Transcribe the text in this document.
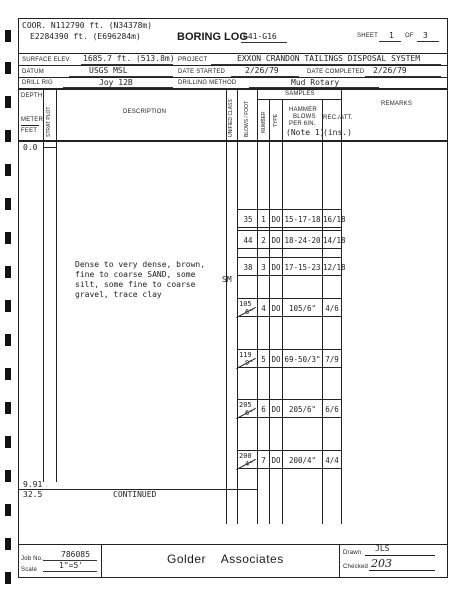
COOR. N112790 ft. (N34378m)
E2284390 ft. (E696284m)	BORING LOG
G41-G16	SHEET 1 OF 3
SURFACE ELEV. 1685.7 ft. (513.8m) PROJECT	EXXON CRANDON TAILINGS DISPOSAL SYSTEM
DATUM	USGS MSL	DATE STARTED 2/26/79	DATE COMPLETED 2/26/79
DRILL RIG	Joy 12B	DRILLING METHOD	Mud Rotary
DEPTH
METER
FEET STRAT PLOT	DESCRIPTION	UNIFIED CLASS BLOWS / FOOT
SAMPLES
NUMBER TYPE
HAMMER
BLOWS
PER 6IN.
(Note 1)
REC./ATT.
(ins.)
REMARKS
0.0
Dense to very dense, brown,
fine to coarse SAND, some
silt, some fine to coarse
gravel, trace clay
SM
35	1 DO 15-17-18 16/18
44	2 DO 18-24-20 14/18
38	3 DO 17-15-23 12/18
105
6"	4 DO	105/6"	4/6
119
9"	5 DO 69-50/3" 7/9
205
6"	6 DO	205/6"	6/6
200
4"	7 DO	200/4"	4/4
9.91
32.5	CONTINUED
Job No. 786085
Scale	1"=5'	Golder    Associates	Drawn JLS
Checked 203
